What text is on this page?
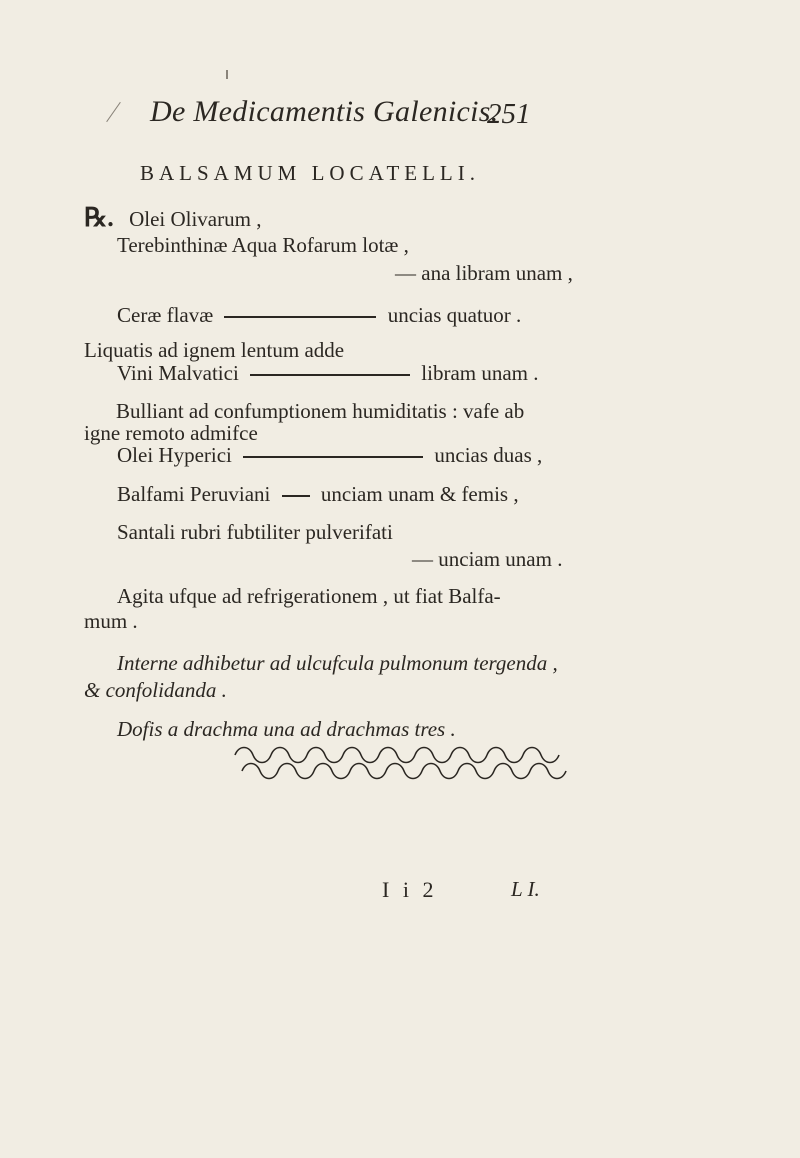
De Medicamentis Galenicis.
251
BALSAMUM LOCATELLI.
℞. Olei Olivarum ,
Terebinthinæ Aqua Rofarum lotæ ,
— ana libram unam ,
Ceræ flavæ	uncias quatuor .
Liquatis ad ignem lentum adde
Vini Malvatici	libram unam .
Bulliant ad confumptionem humiditatis : vafe ab
igne remoto admifce
Olei Hyperici	uncias duas ,
Balfami Peruviani unciam unam & femis ,
Santali rubri fubtiliter pulverifati
— unciam unam .
Agita ufque ad refrigerationem , ut fiat Balfa-
mum .
Interne adhibetur ad ulcufcula pulmonum tergenda ,
& confolidanda .
Dofis a drachma una ad drachmas tres .
I i 2	L I.
